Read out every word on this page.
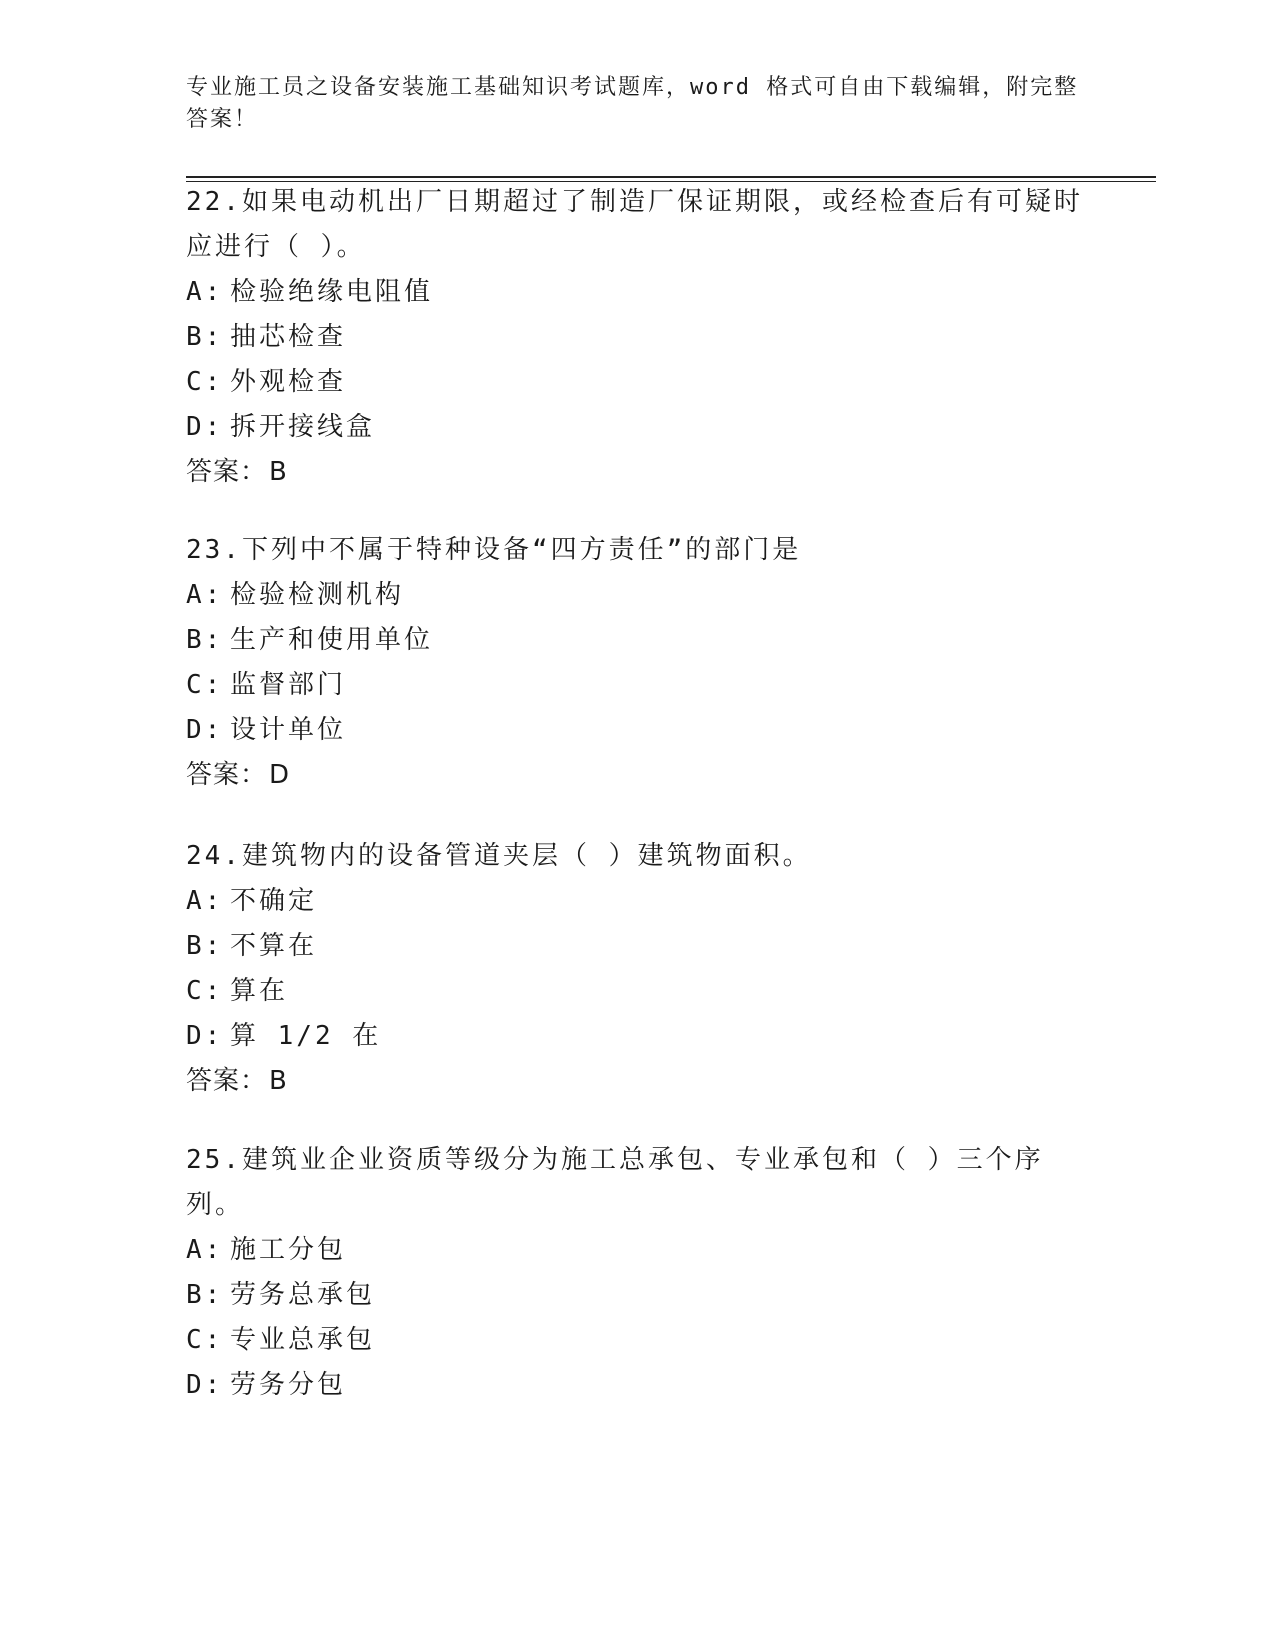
专业施工员之设备安装施工基础知识考试题库，word 格式可自由下载编辑，附完整答案！
22.如果电动机出厂日期超过了制造厂保证期限，或经检查后有可疑时应进行（ ）。
A: 检验绝缘电阻值
B: 抽芯检查
C: 外观检查
D: 拆开接线盒
答案：B
23.下列中不属于特种设备“四方责任”的部门是
A: 检验检测机构
B: 生产和使用单位
C: 监督部门
D: 设计单位
答案：D
24.建筑物内的设备管道夹层（ ）建筑物面积。
A: 不确定
B: 不算在
C: 算在
D: 算 1/2 在
答案：B
25.建筑业企业资质等级分为施工总承包、专业承包和（ ）三个序列。
A: 施工分包
B: 劳务总承包
C: 专业总承包
D: 劳务分包
